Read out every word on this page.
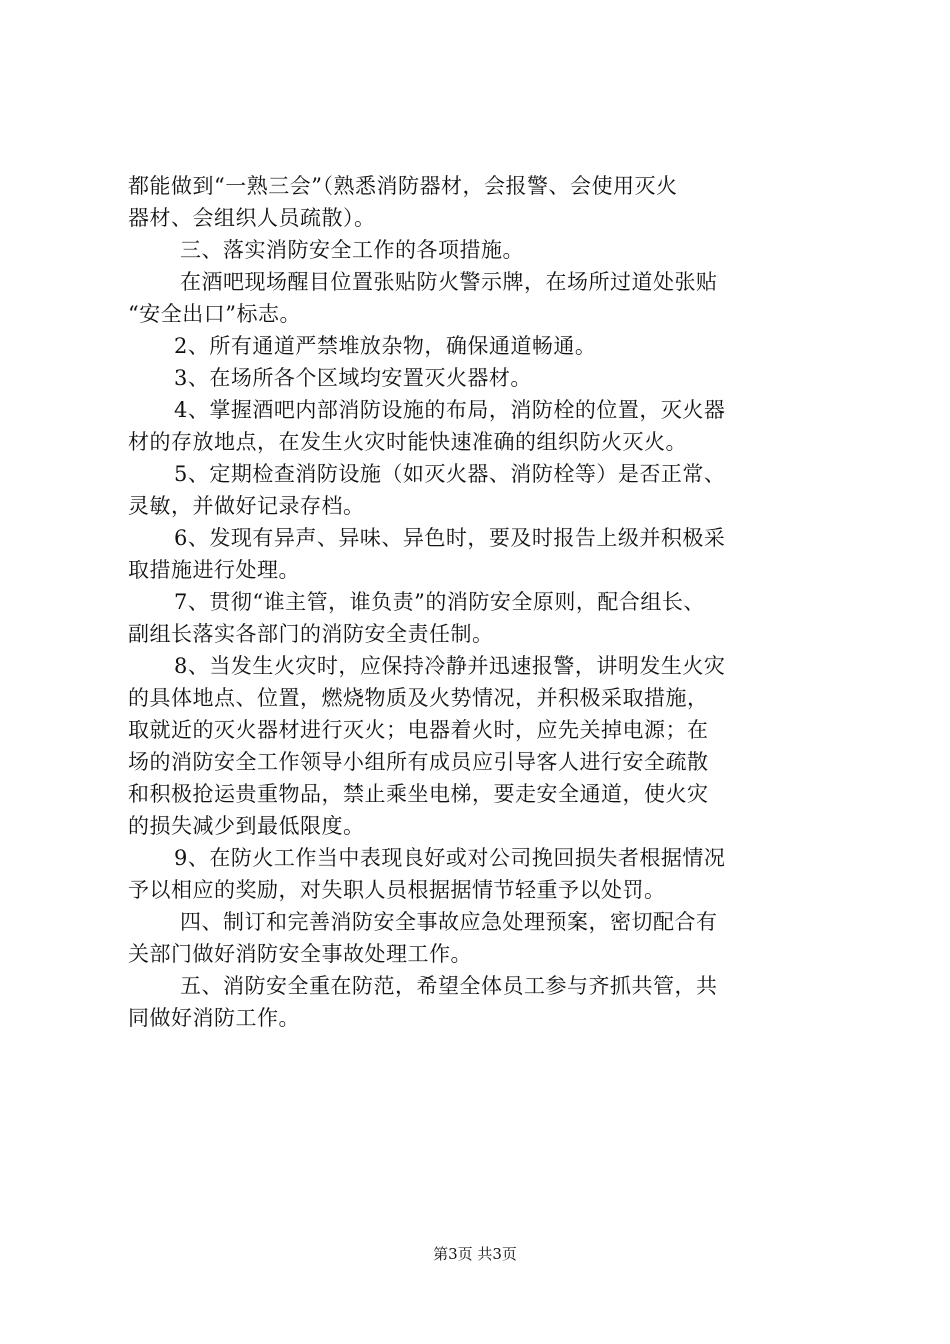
都能做到“一熟三会”（熟悉消防器材，会报警、会使用灭火
器材、会组织人员疏散）。
三、落实消防安全工作的各项措施。
在酒吧现场醒目位置张贴防火警示牌，在场所过道处张贴
“安全出口”标志。
2、所有通道严禁堆放杂物，确保通道畅通。
3、在场所各个区域均安置灭火器材。
4、掌握酒吧内部消防设施的布局，消防栓的位置，灭火器
材的存放地点，在发生火灾时能快速准确的组织防火灭火。
5、定期检查消防设施（如灭火器、消防栓等）是否正常、
灵敏，并做好记录存档。
6、发现有异声、异味、异色时，要及时报告上级并积极采
取措施进行处理。
7、贯彻“谁主管，谁负责”的消防安全原则，配合组长、
副组长落实各部门的消防安全责任制。
8、当发生火灾时，应保持冷静并迅速报警，讲明发生火灾
的具体地点、位置，燃烧物质及火势情况，并积极采取措施，
取就近的灭火器材进行灭火；电器着火时，应先关掉电源；在
场的消防安全工作领导小组所有成员应引导客人进行安全疏散
和积极抢运贵重物品，禁止乘坐电梯，要走安全通道，使火灾
的损失减少到最低限度。
9、在防火工作当中表现良好或对公司挽回损失者根据情况
予以相应的奖励，对失职人员根据据情节轻重予以处罚。
四、制订和完善消防安全事故应急处理预案，密切配合有
关部门做好消防安全事故处理工作。
五、消防安全重在防范，希望全体员工参与齐抓共管，共
同做好消防工作。
第3页 共3页
